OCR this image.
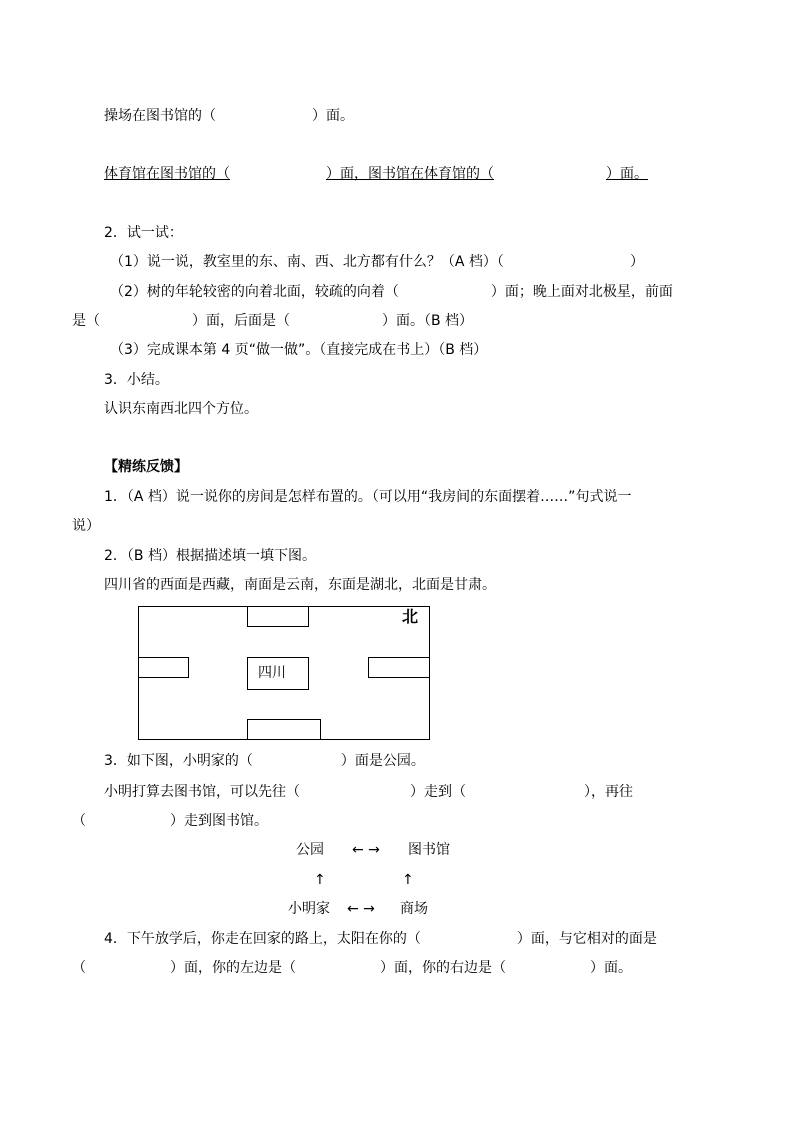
操场在图书馆的（	）面。
体育馆在图书馆的（	）面，图书馆在体育馆的（	）面。
2．试一试：
（1）说一说，教室里的东、南、西、北方都有什么？（A 档）（	）
（2）树的年轮较密的向着北面，较疏的向着（	）面；晚上面对北极星，前面
是（	）面，后面是（	）面。（B 档）
（3）完成课本第 4 页“做一做”。（直接完成在书上）（B 档）
3．小结。
认识东南西北四个方位。
【精练反馈】
1．（A 档）说一说你的房间是怎样布置的。（可以用“我房间的东面摆着……”句式说一
说）
2．（B 档）根据描述填一填下图。
四川省的西面是西藏，南面是云南，东面是湖北，北面是甘肃。
四川
北
3．如下图，小明家的（	）面是公园。
小明打算去图书馆，可以先往（	）走到（	），再往
（	）走到图书馆。
公园 ← → 图书馆
↑	↑
小明家 ← → 商场
4．下午放学后，你走在回家的路上，太阳在你的（	）面，与它相对的面是
（	）面，你的左边是（	）面，你的右边是（	）面。
